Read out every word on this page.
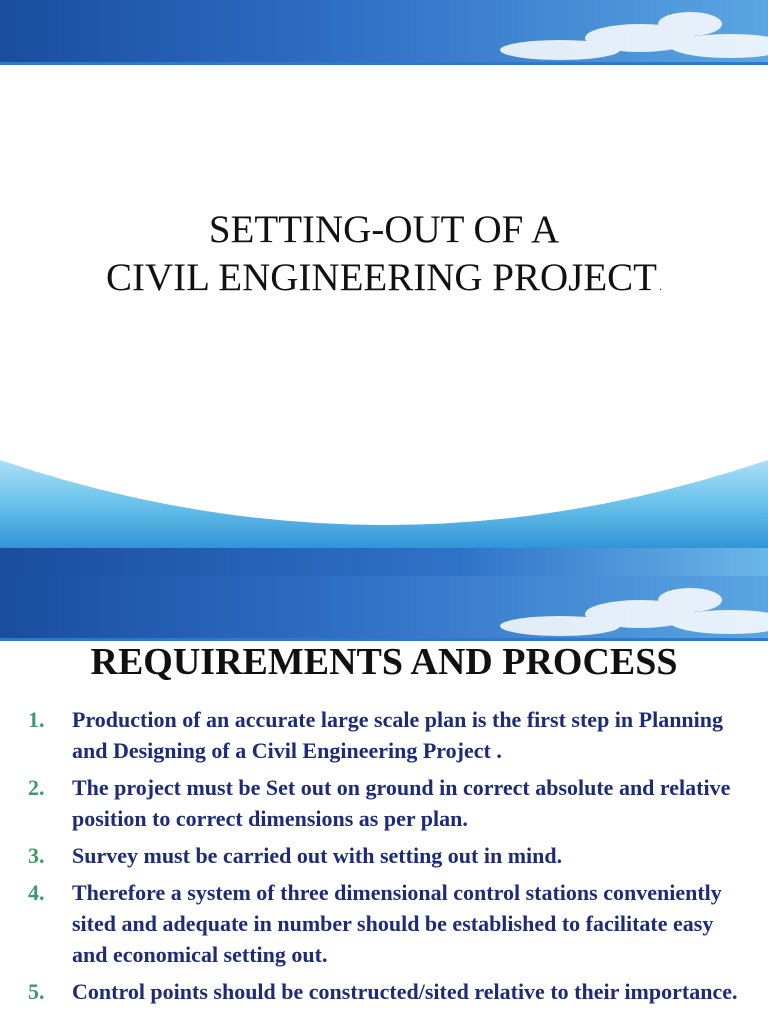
SETTING-OUT OF A
CIVIL ENGINEERING PROJECT .
REQUIREMENTS AND PROCESS
1. Production of an accurate large scale plan is the first step in Planning and Designing of a Civil Engineering Project .
2. The project must be Set out on ground in correct absolute and relative position to correct dimensions as per plan.
3. Survey must be carried out with setting out in mind.
4. Therefore a system of three dimensional control stations conveniently sited and adequate in number should be established to facilitate easy and economical setting out.
5. Control points should be constructed/sited relative to their importance.
